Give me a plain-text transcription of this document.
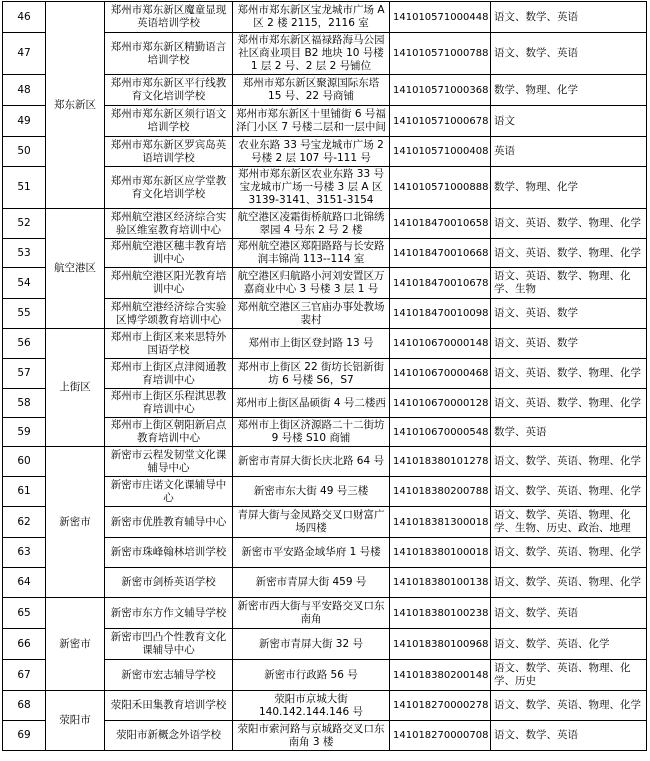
46	郑东新区	郑州市郑东新区魔童显现英语培训学校	郑州市郑东新区宝龙城市广场 A 区 2 楼 2115，2116 室	141010571000448	语文、数学、英语
47		郑州市郑东新区精勤语言培训学校	郑州市郑东新区福禄路海马公园社区商业项目 B2 地块 10 号楼 1 层 2 号、2 层 2 号铺位	141010571000788	语文、数学、英语
48		郑州市郑东新区平行线教育文化培训学校	郑州市郑东新区聚源国际东塔 15 号、22 号商铺	141010571000368	数学、物理、化学
49		郑州市郑东新区须行语文培训学校	郑州市郑东新区十里铺街 6 号福泽门小区 7 号楼二层和一层中间	141010571000678	语文
50		郑州市郑东新区罗宾岛英语培训学校	农业东路 33 号宝龙城市广场 2 号楼 2 层 107 号-111 号	141010571000408	英语
51		郑州市郑东新区应学堂教育文化培训学校	郑州市郑东新区农业东路 33 号宝龙城市广场一号楼 3 层 A 区 3139-3141、3151-3154	141010571000888	数学、物理、化学
52	航空港区	郑州航空港区经济综合实验区维室教育培训中心	航空港区凌霜街桥航路口北锦绣翠园 4 号东 2 号 2 楼	141018470010658	语文、英语、数学、物理、化学
53		郑州航空港区穗丰教育培训中心	郑州航空港区郑阳路路与长安路润丰锦尚 113--114 室	141018470010668	语文、英语、数学、物理、化学
54		郑州航空港区阳光教育培训中心	航空港区归航路小河刘安置区万嘉商业中心 3 号楼 3 层 1 号	141018470010678	语文、英语、数学、物理、化学、生物
55		郑州航空港经济综合实验区博学颂教育培训中心	郑州航空港区三官庙办事处教场裴村	141018470010098	语文、英语、数学
56	上街区	郑州市上街区来来思特外国语学校	郑州市上街区登封路 13 号	141010670000148	语文、英语、数学
57		郑州市上街区点津阅通教育培训中心	郑州市上街区 22 街坊长铝新街坊 6 号楼 S6，S7	141010670000468	语文、英语、数学、物理、化学
58		郑州市上街区乐程淇思教育培训中心	郑州市上街区晶硕街 4 号二楼西	141010670000128	语文、英语、数学、物理、化学
59		郑州市上街区朝阳新启点教育培训中心	郑州市上街区济源路二十二街坊 9 号楼 S10 商铺	141010670000548	数学、英语
60	新密市	新密市云程发韧堂文化课辅导中心	新密市青屏大街长庆北路 64 号	141018380101278	语文、数学、英语、物理、化学
61		新密市庄诺文化课辅导中心	新密市东大街 49 号三楼	141018380200788	语文、数学、英语、物理、化学
62		新密市优胜教育辅导中心	青屏大街与金凤路交叉口财富广场四楼	141018381300018	语文、数学、英语、物理、化学、生物、历史、政治、地理
63		新密市珠峰翰林培训学校	新密市平安路金域华府 1 号楼	141018380100018	语文、数学、英语、物理、化学
64		新密市剑桥英语学校	新密市青屏大街 459 号	141018380100138	语文、数学、英语、物理、化学
65	新密市	新密市东方作文辅导学校	新密市西大街与平安路交叉口东南角	141018380100238	语文、数学、英语
66		新密市凹凸个性教育文化课辅导中心	新密市青屏大街 32 号	141018380100968	语文、数学、英语、化学
67		新密市宏志辅导学校	新密市行政路 56 号	141018380200148	语文、数学、英语、物理、化学、历史
68	荥阳市	荥阳禾田集教育培训学校	荥阳市京城大街 140.142.144.146 号	141018270000278	语文、数学、英语、物理、化学
69		荥阳市新概念外语学校	荥阳市索河路与京城路交叉口东南角 3 楼	141018270000708	语文、数学、英语
